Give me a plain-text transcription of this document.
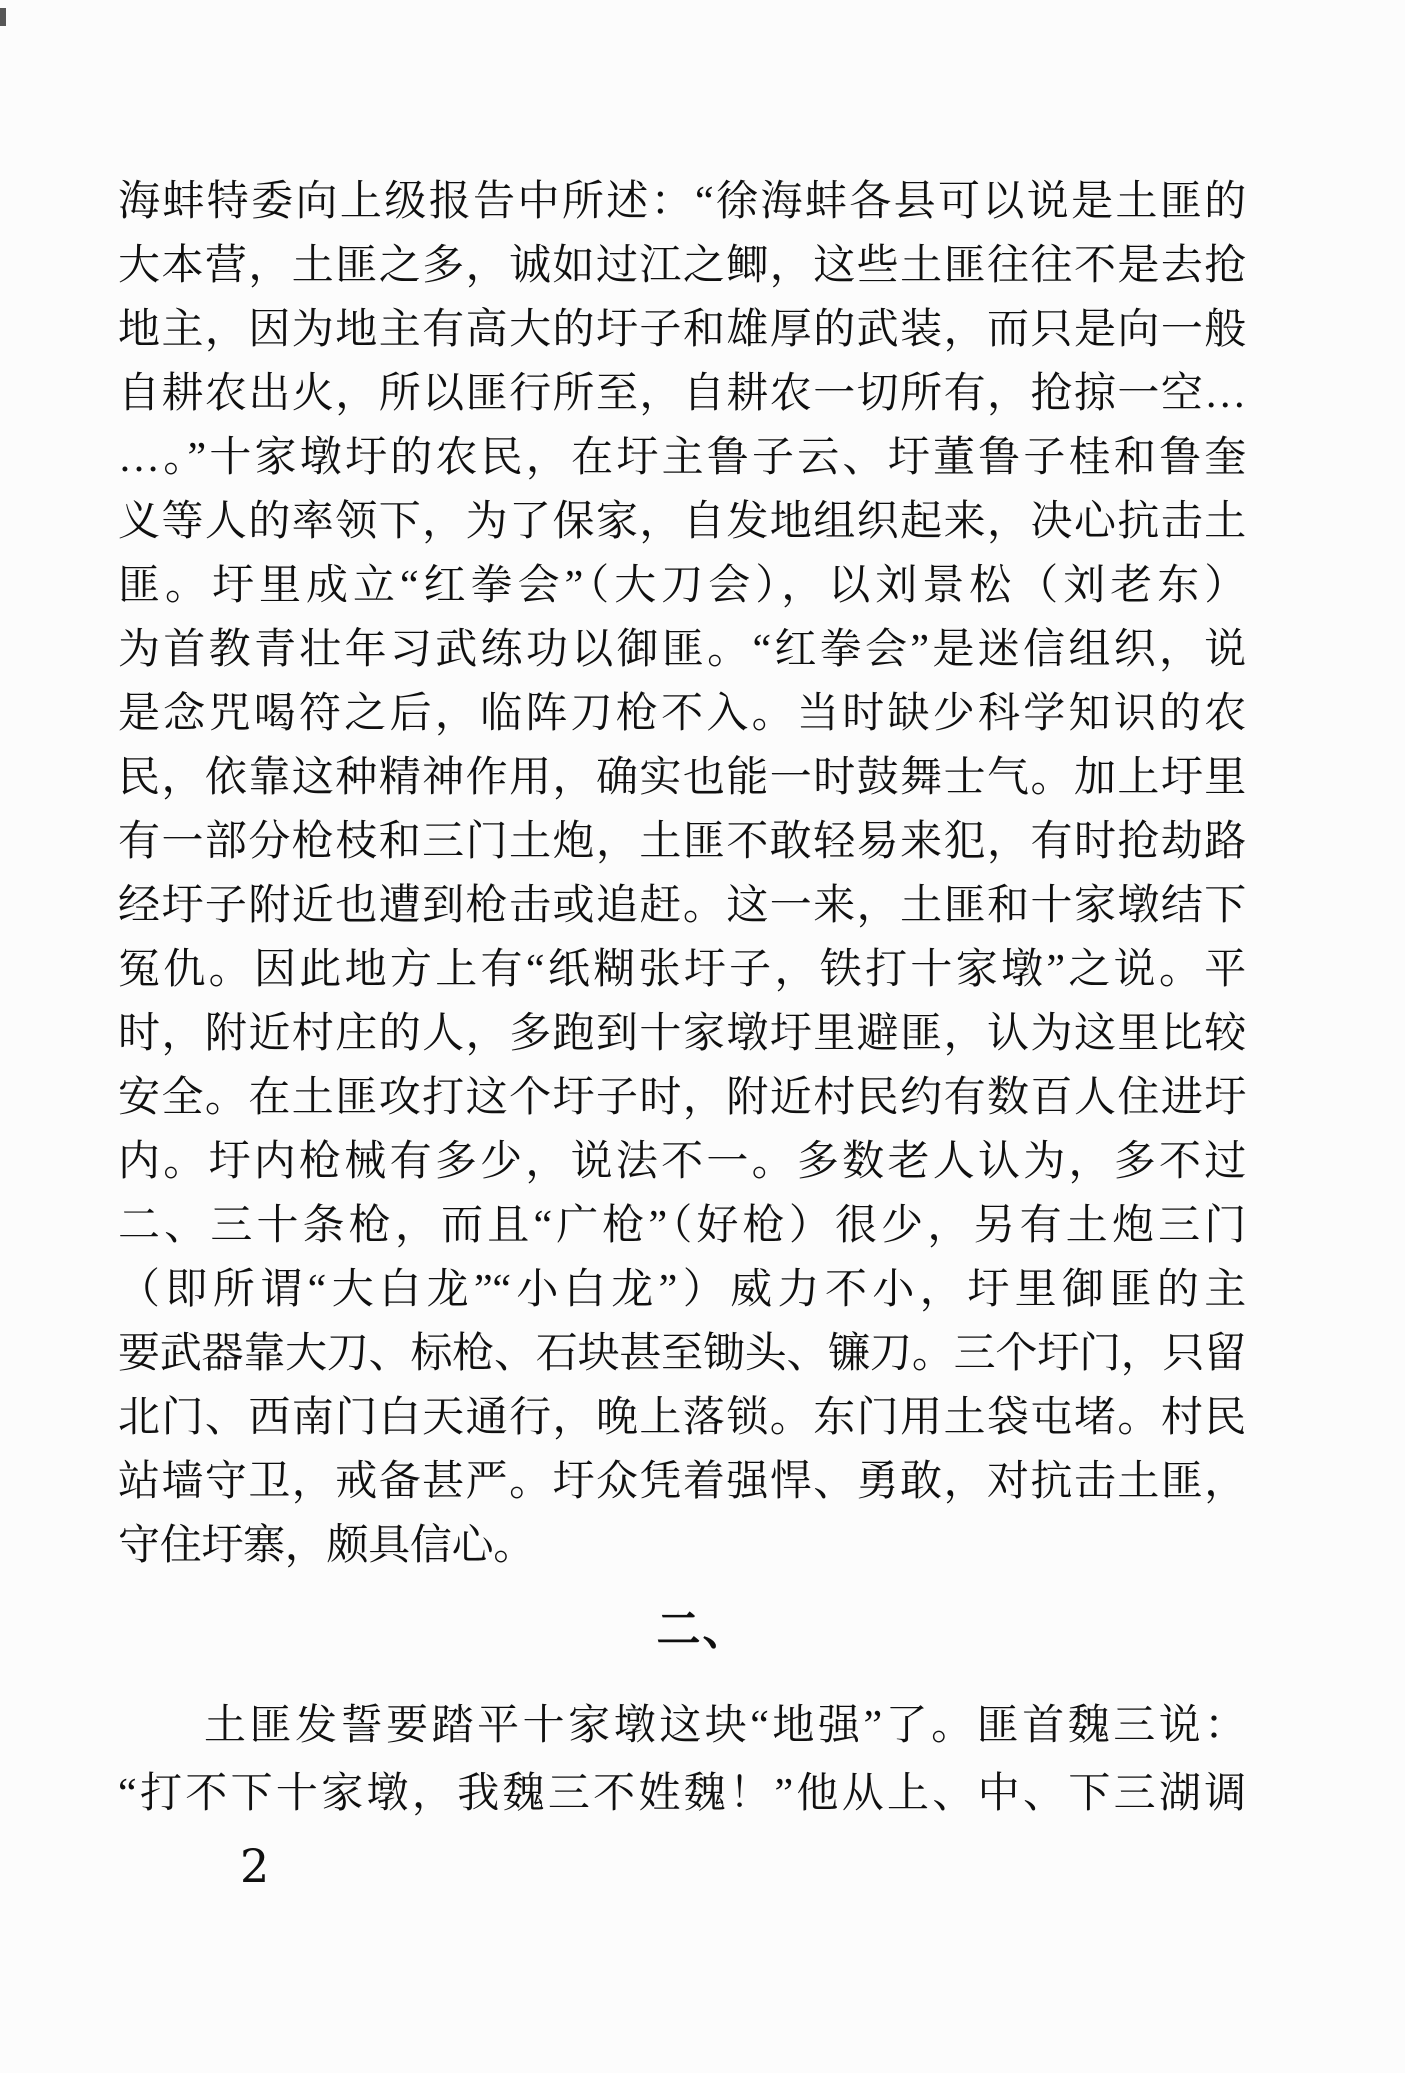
海蚌特委向上级报告中所述：“徐海蚌各县可以说是土匪的
大本营，土匪之多，诚如过江之鲫，这些土匪往往不是去抢
地主，因为地主有高大的圩子和雄厚的武装，而只是向一般
自耕农出火，所以匪行所至，自耕农一切所有，抢掠一空…
…。”十家墩圩的农民，在圩主鲁子云、圩董鲁子桂和鲁奎
义等人的率领下，为了保家，自发地组织起来，决心抗击土
匪。圩里成立“红拳会”（大刀会），以刘景松（刘老东）
为首教青壮年习武练功以御匪。“红拳会”是迷信组织，说
是念咒喝符之后，临阵刀枪不入。当时缺少科学知识的农
民，依靠这种精神作用，确实也能一时鼓舞士气。加上圩里
有一部分枪枝和三门土炮，土匪不敢轻易来犯，有时抢劫路
经圩子附近也遭到枪击或追赶。这一来，土匪和十家墩结下
冤仇。因此地方上有“纸糊张圩子，铁打十家墩”之说。平
时，附近村庄的人，多跑到十家墩圩里避匪，认为这里比较
安全。在土匪攻打这个圩子时，附近村民约有数百人住进圩
内。圩内枪械有多少，说法不一。多数老人认为，多不过
二、三十条枪，而且“广枪”（好枪）很少，另有土炮三门
（即所谓“大白龙”“小白龙”）威力不小，圩里御匪的主
要武器靠大刀、标枪、石块甚至锄头、镰刀。三个圩门，只留
北门、西南门白天通行，晚上落锁。东门用土袋屯堵。村民
站墙守卫，戒备甚严。圩众凭着强悍、勇敢，对抗击土匪，
守住圩寨，颇具信心。
二、
土匪发誓要踏平十家墩这块“地强”了。匪首魏三说：
“打不下十家墩，我魏三不姓魏！”他从上、中、下三湖调
2
